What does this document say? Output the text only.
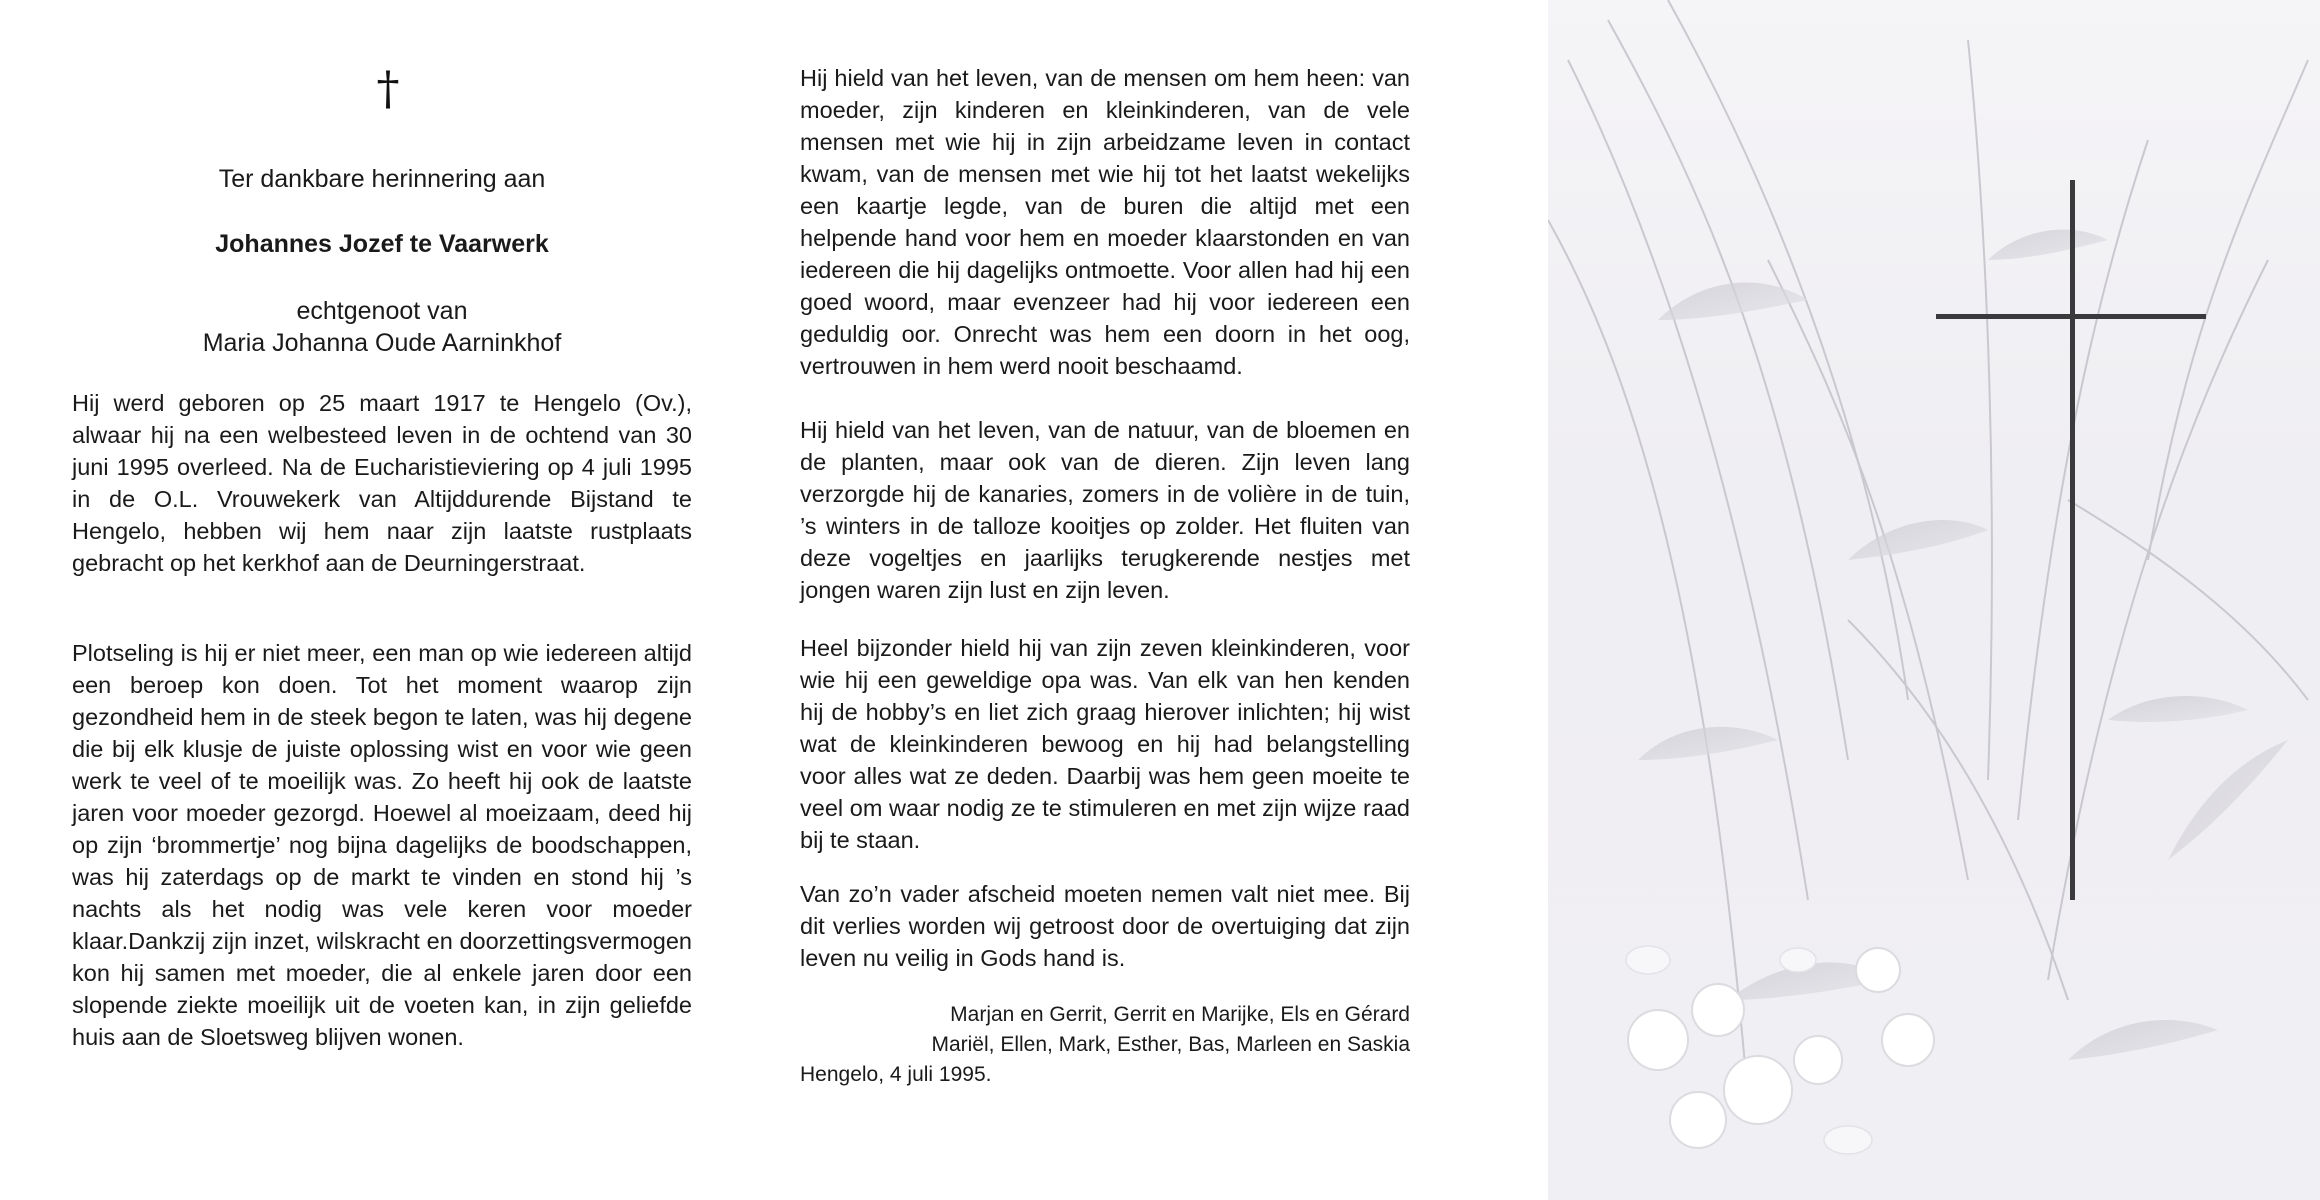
†
Ter dankbare herinnering aan
Johannes Jozef te Vaarwerk
echtgenoot van
Maria Johanna Oude Aarninkhof
Hij werd geboren op 25 maart 1917 te Hengelo (Ov.), alwaar hij na een welbesteed leven in de ochtend van 30 juni 1995 overleed. Na de Eucharistieviering op 4 juli 1995 in de O.L. Vrouwekerk van Altijddurende Bijstand te Hengelo, hebben wij hem naar zijn laatste rustplaats gebracht op het kerkhof aan de Deurningerstraat.
Plotseling is hij er niet meer, een man op wie iedereen altijd een beroep kon doen. Tot het moment waarop zijn gezondheid hem in de steek begon te laten, was hij degene die bij elk klusje de juiste oplossing wist en voor wie geen werk te veel of te moeilijk was. Zo heeft hij ook de laatste jaren voor moeder gezorgd. Hoewel al moeizaam, deed hij op zijn ‘brommertje’ nog bijna dagelijks de boodschappen, was hij zaterdags op de markt te vinden en stond hij ’s nachts als het nodig was vele keren voor moeder klaar.Dankzij zijn inzet, wilskracht en doorzettingsvermogen kon hij samen met moeder, die al enkele jaren door een slopende ziekte moeilijk uit de voeten kan, in zijn geliefde huis aan de Sloetsweg blijven wonen.
Hij hield van het leven, van de mensen om hem heen: van moeder, zijn kinderen en kleinkinderen, van de vele mensen met wie hij in zijn arbeidzame leven in contact kwam, van de mensen met wie hij tot het laatst wekelijks een kaartje legde, van de buren die altijd met een helpende hand voor hem en moeder klaarstonden en van iedereen die hij dagelijks ontmoette. Voor allen had hij een goed woord, maar evenzeer had hij voor iedereen een geduldig oor. Onrecht was hem een doorn in het oog, vertrouwen in hem werd nooit beschaamd.
Hij hield van het leven, van de natuur, van de bloemen en de planten, maar ook van de dieren. Zijn leven lang verzorgde hij de kanaries, zomers in de volière in de tuin, ’s winters in de talloze kooitjes op zolder. Het fluiten van deze vogeltjes en jaarlijks terugkerende nestjes met jongen waren zijn lust en zijn leven.
Heel bijzonder hield hij van zijn zeven kleinkinderen, voor wie hij een geweldige opa was. Van elk van hen kenden hij de hobby’s en liet zich graag hierover inlichten; hij wist wat de kleinkinderen bewoog en hij had belangstelling voor alles wat ze deden. Daarbij was hem geen moeite te veel om waar nodig ze te stimuleren en met zijn wijze raad bij te staan.
Van zo’n vader afscheid moeten nemen valt niet mee. Bij dit verlies worden wij getroost door de overtuiging dat zijn leven nu veilig in Gods hand is.
Marjan en Gerrit, Gerrit en Marijke, Els en Gérard
Mariël, Ellen, Mark, Esther, Bas, Marleen en Saskia
Hengelo, 4 juli 1995.
